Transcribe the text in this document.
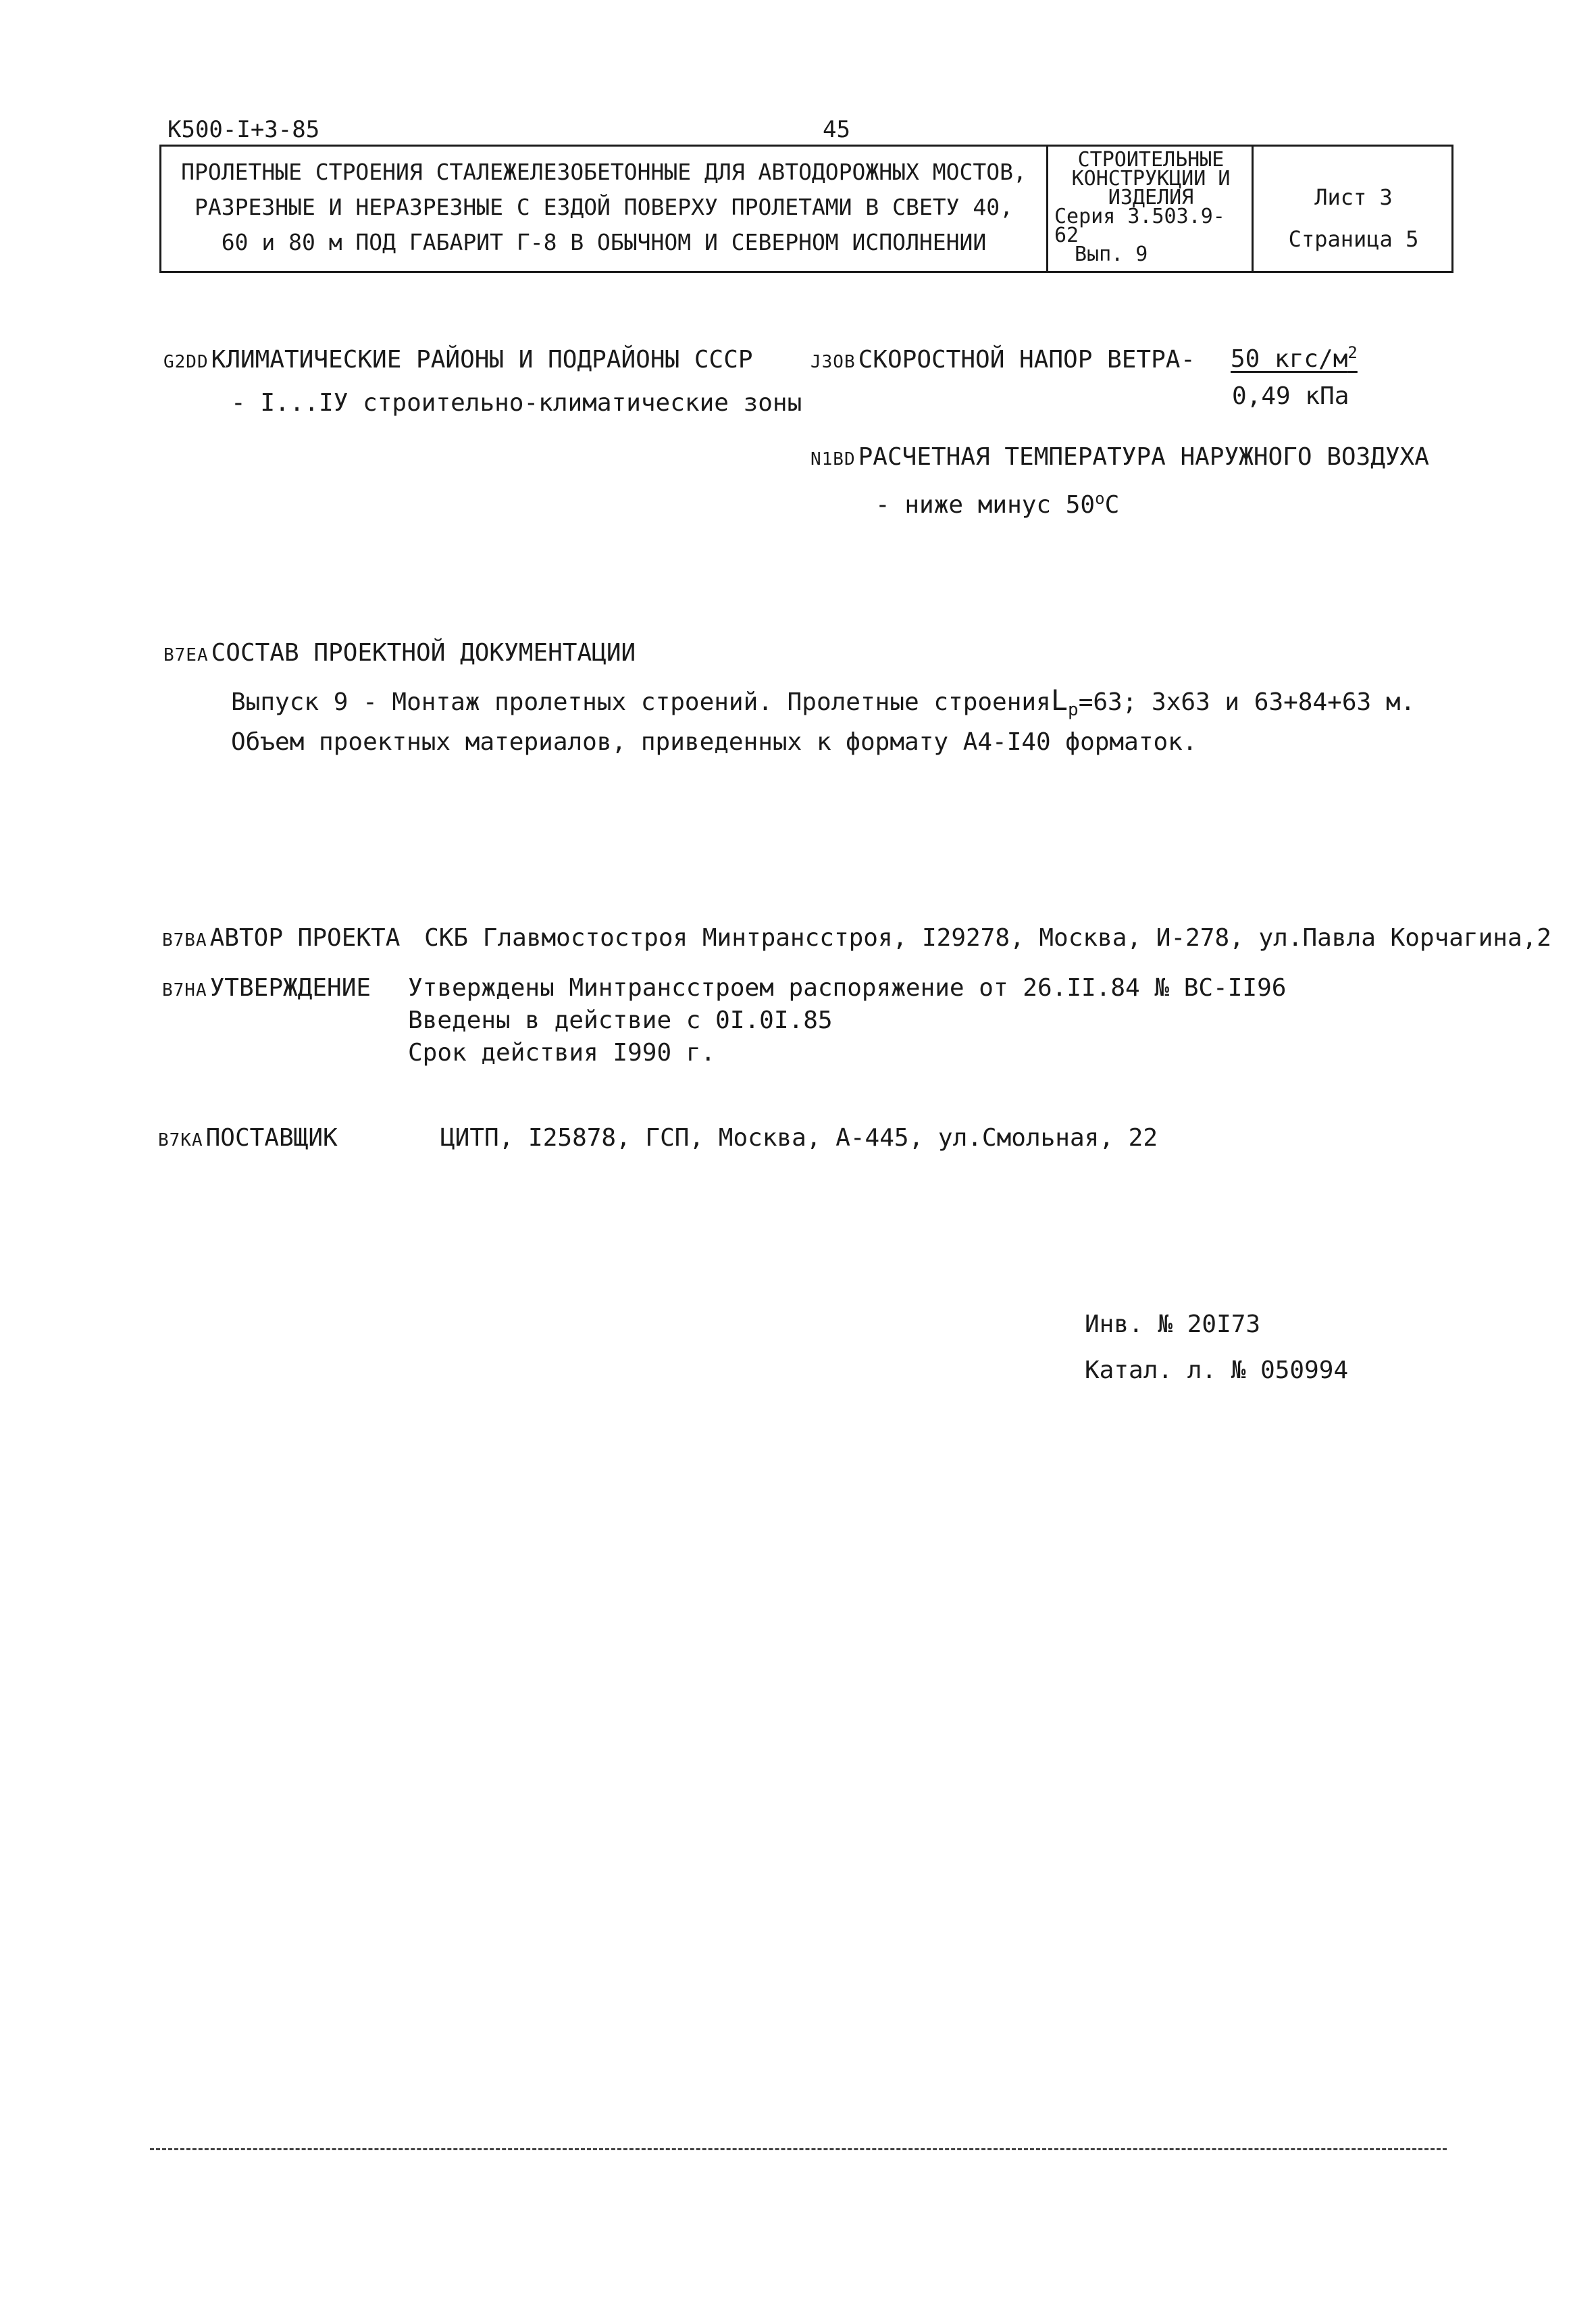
К500-I+3-85	45
ПРОЛЕТНЫЕ СТРОЕНИЯ СТАЛЕЖЕЛЕЗОБЕТОННЫЕ ДЛЯ АВТОДОРОЖНЫХ МОСТОВ,
РАЗРЕЗНЫЕ И НЕРАЗРЕЗНЫЕ С ЕЗДОЙ ПОВЕРХУ ПРОЛЕТАМИ В СВЕТУ 40,
60 и 80 м ПОД ГАБАРИТ Г-8 В ОБЫЧНОМ И СЕВЕРНОМ ИСПОЛНЕНИИ
СТРОИТЕЛЬНЫЕ
КОНСТРУКЦИИ И
ИЗДЕЛИЯ
Серия 3.503.9- 62
Вып. 9
Лист 3
Страница 5
G2DD КЛИМАТИЧЕСКИЕ РАЙОНЫ И ПОДРАЙОНЫ СССР
- I...IУ строительно-климатические зоны
J3OB СКОРОСТНОЙ НАПОР ВЕТРА - 50 кгс/$м^2$
0,49 кПа
N1BD РАСЧЕТНАЯ ТЕМПЕРАТУРА НАРУЖНОГО ВОЗДУХА
- ниже минус $50^оС$
B7EA СОСТАВ ПРОЕКТНОЙ ДОКУМЕНТАЦИИ
Выпуск 9 - Монтаж пролетных строений. Пролетные строенияL$_р$=63; 3х63 и 63+84+63 м.
Объем проектных материалов, приведенных к формату А4-I40 форматок.
B7BA АВТОР ПРОЕКТА СКБ Главмостостроя Минтрансстроя, I29278, Москва, И-278, ул.Павла Корчагина,2
B7HA УТВЕРЖДЕНИЕ Утверждены Минтрансстроем распоряжение от 26.II.84 № ВС-II96
Введены в действие с 0I.0I.85
Срок действия I990 г.
B7KA ПОСТАВЩИК	ЦИТП, I25878, ГСП, Москва, А-445, ул.Смольная, 22
Инв. № 20I73
Катал. л. № 050994
